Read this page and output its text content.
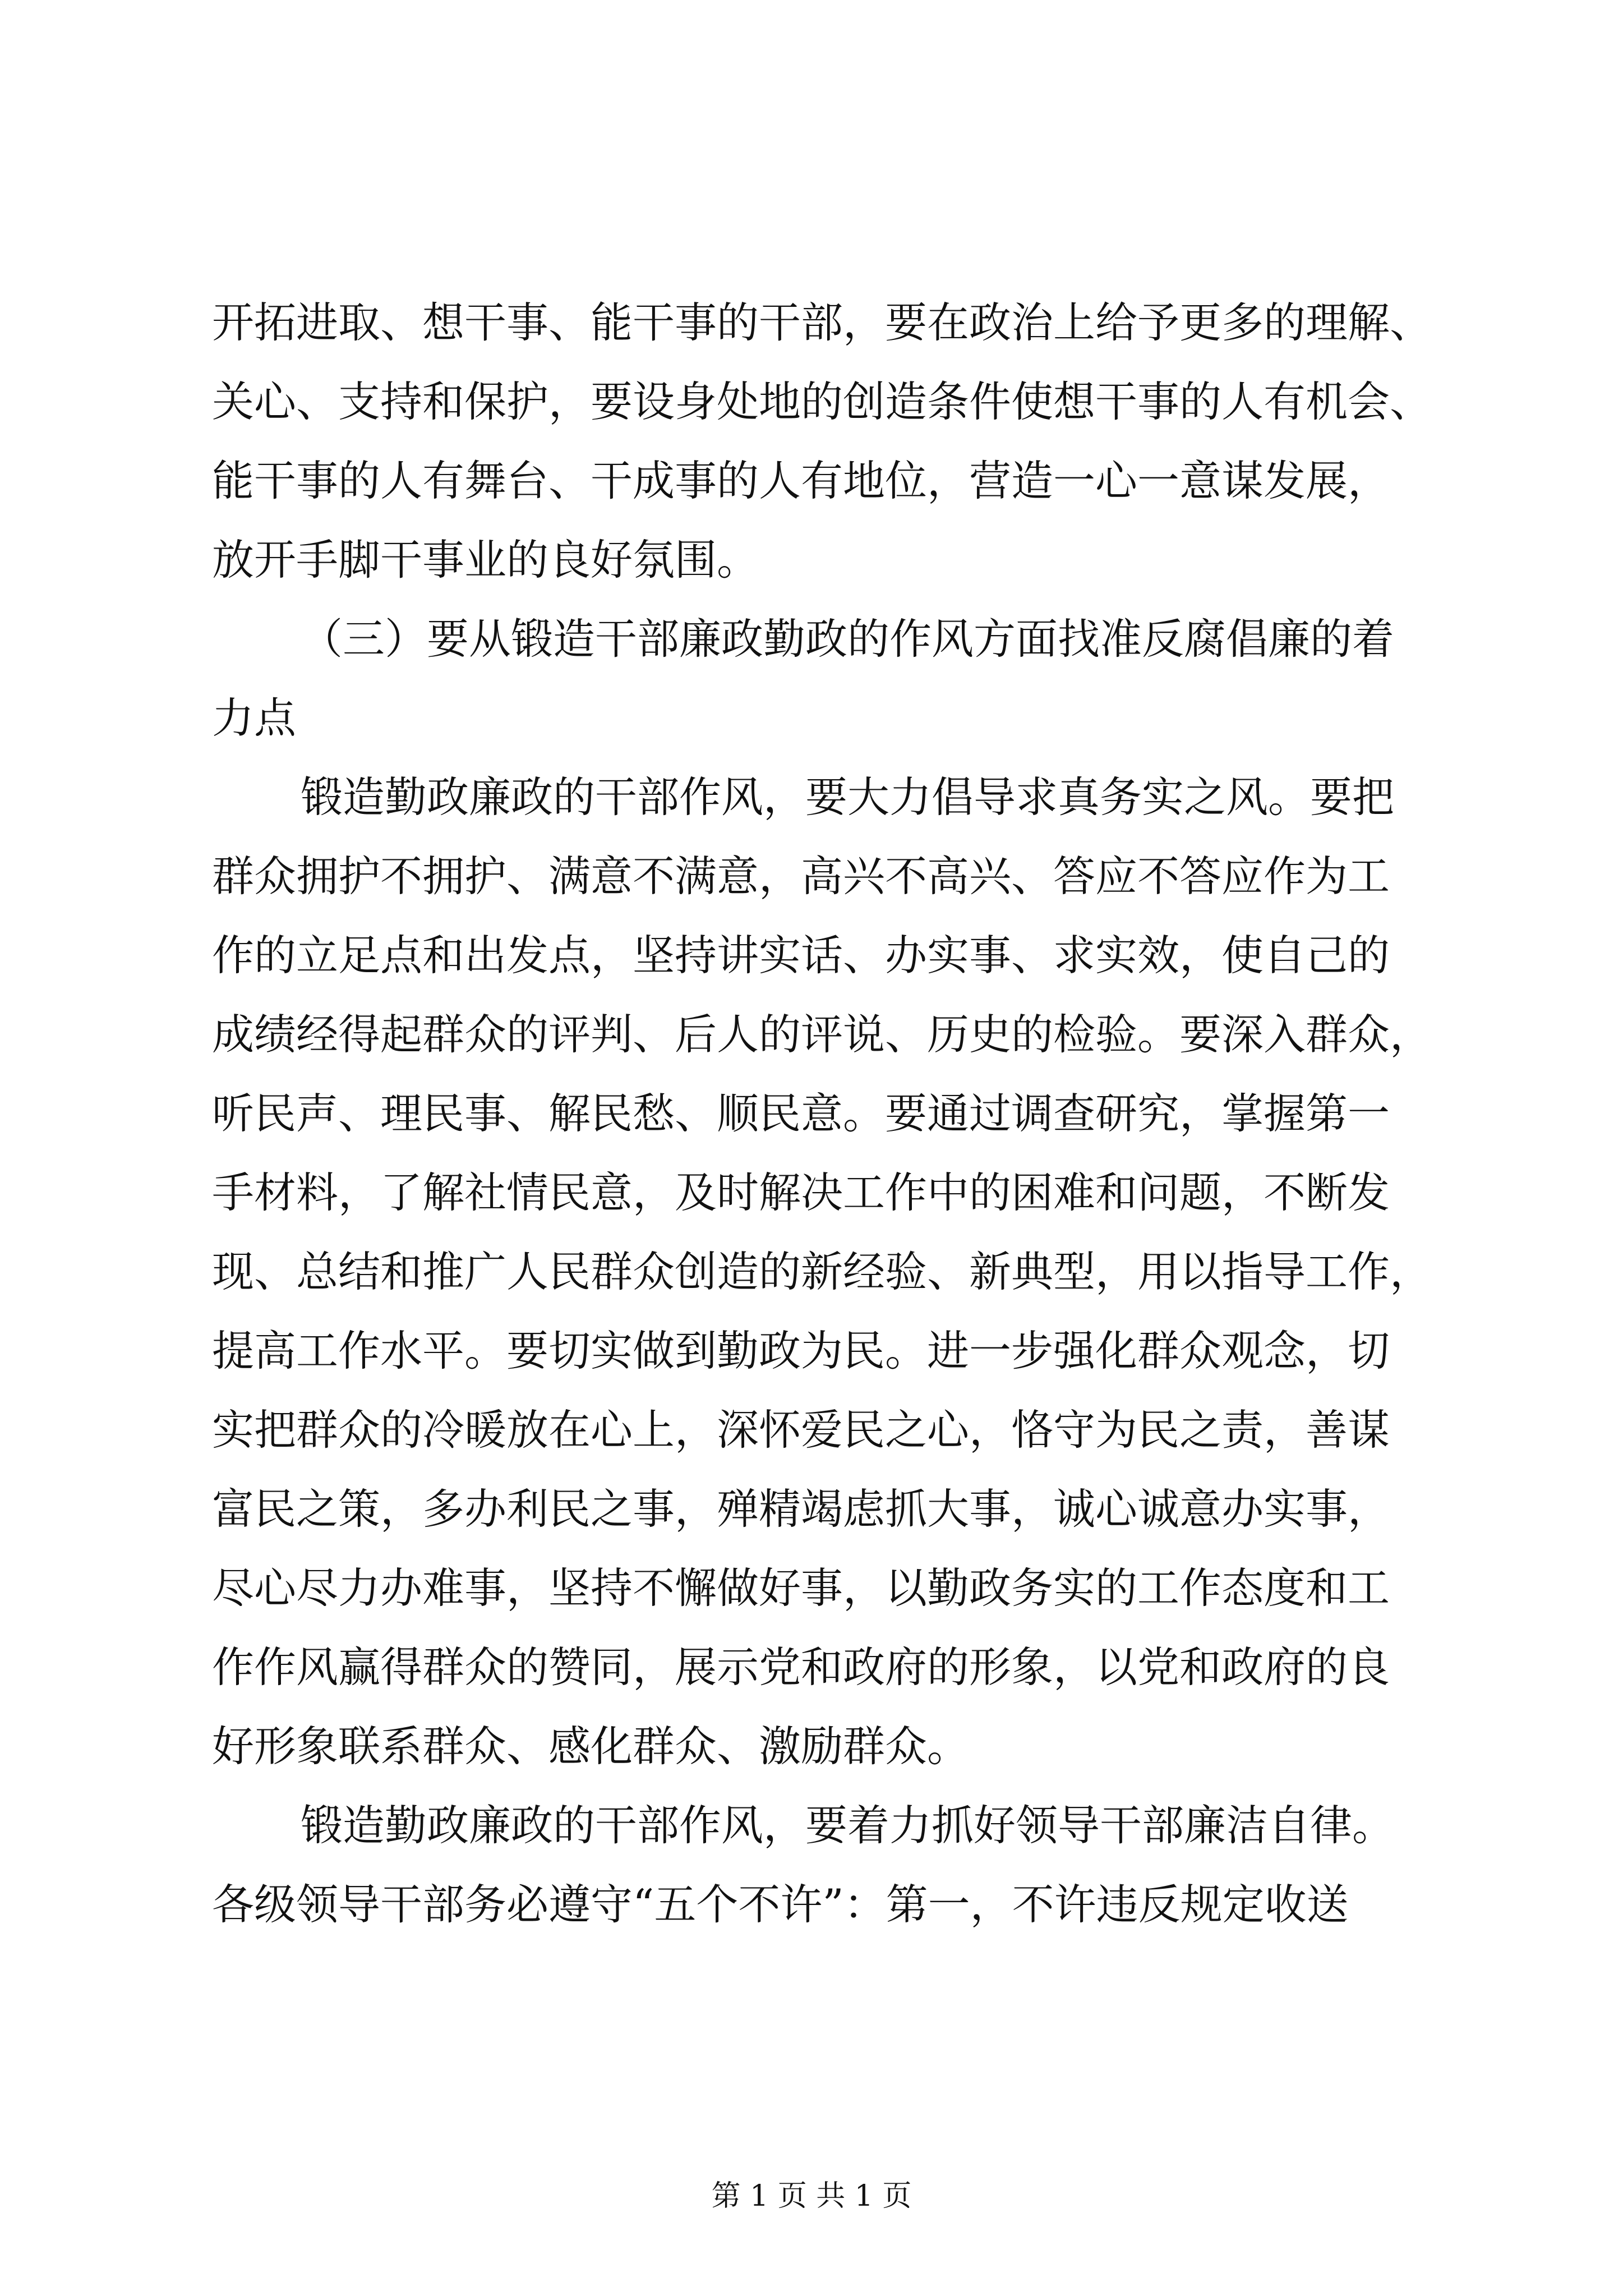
开拓进取、想干事、能干事的干部，要在政治上给予更多的理解、
关心、支持和保护，要设身处地的创造条件使想干事的人有机会、
能干事的人有舞台、干成事的人有地位，营造一心一意谋发展，
放开手脚干事业的良好氛围。
（三）要从锻造干部廉政勤政的作风方面找准反腐倡廉的着
力点
锻造勤政廉政的干部作风，要大力倡导求真务实之风。要把
群众拥护不拥护、满意不满意，高兴不高兴、答应不答应作为工
作的立足点和出发点，坚持讲实话、办实事、求实效，使自己的
成绩经得起群众的评判、后人的评说、历史的检验。要深入群众，
听民声、理民事、解民愁、顺民意。要通过调查研究，掌握第一
手材料，了解社情民意，及时解决工作中的困难和问题，不断发
现、总结和推广人民群众创造的新经验、新典型，用以指导工作，
提高工作水平。要切实做到勤政为民。进一步强化群众观念，切
实把群众的冷暖放在心上，深怀爱民之心，恪守为民之责，善谋
富民之策，多办利民之事，殚精竭虑抓大事，诚心诚意办实事，
尽心尽力办难事，坚持不懈做好事，以勤政务实的工作态度和工
作作风赢得群众的赞同，展示党和政府的形象，以党和政府的良
好形象联系群众、感化群众、激励群众。
锻造勤政廉政的干部作风，要着力抓好领导干部廉洁自律。
各级领导干部务必遵守“五个不许”：第一，不许违反规定收送
第 1 页 共 1 页
